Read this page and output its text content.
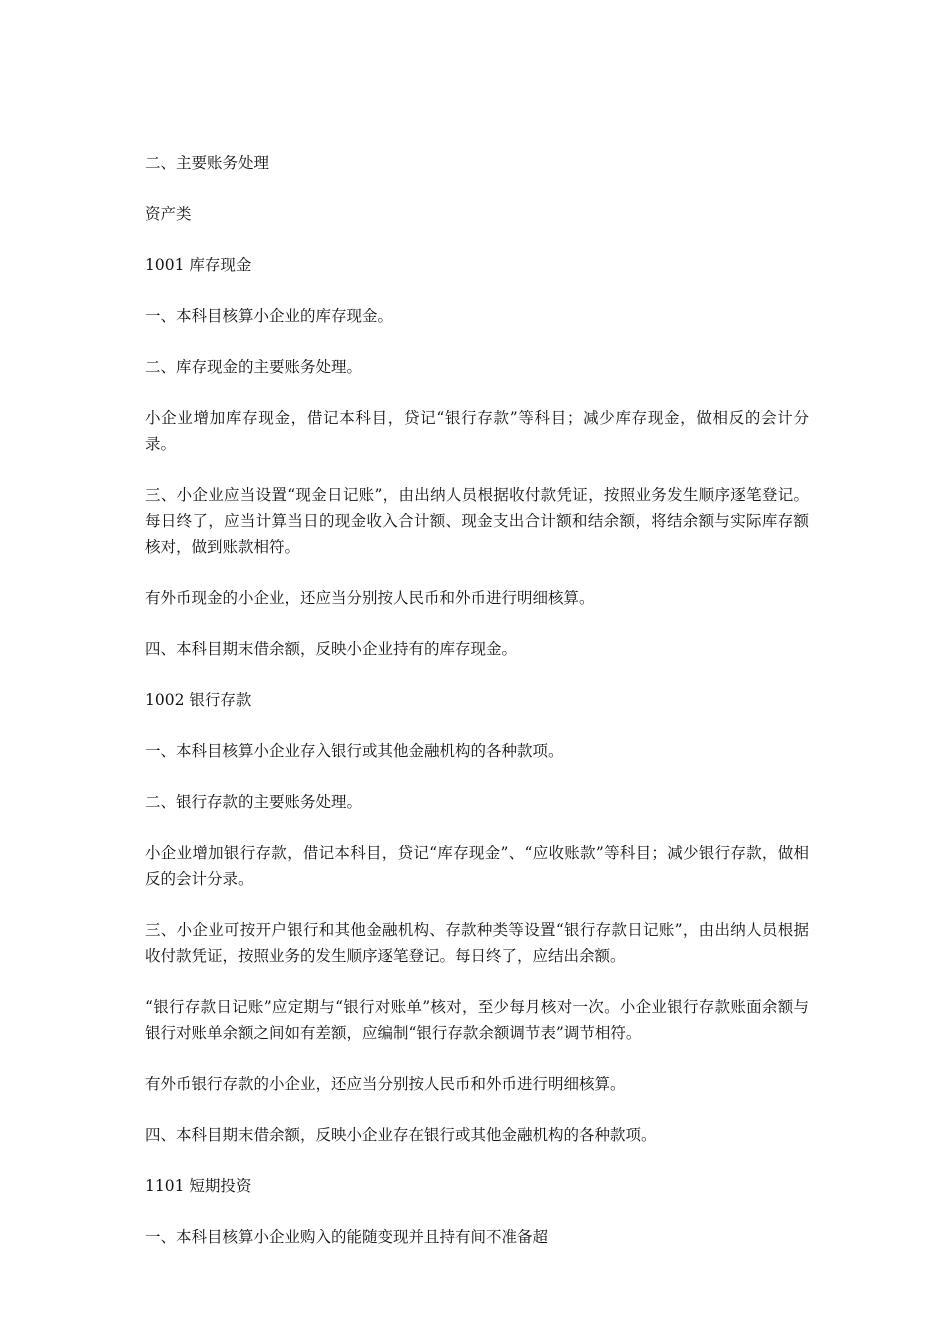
二、主要账务处理

资产类

1001 库存现金

一、本科目核算小企业的库存现金。

二、库存现金的主要账务处理。

小企业增加库存现金，借记本科目，贷记“银行存款”等科目；减少库存现金，做相反的会计分录。

三、小企业应当设置“现金日记账”，由出纳人员根据收付款凭证，按照业务发生顺序逐笔登记。每日终了，应当计算当日的现金收入合计额、现金支出合计额和结余额，将结余额与实际库存额核对，做到账款相符。

有外币现金的小企业，还应当分别按人民币和外币进行明细核算。

四、本科目期末借余额，反映小企业持有的库存现金。

1002 银行存款

一、本科目核算小企业存入银行或其他金融机构的各种款项。

二、银行存款的主要账务处理。

小企业增加银行存款，借记本科目，贷记“库存现金”、“应收账款”等科目；减少银行存款，做相反的会计分录。

三、小企业可按开户银行和其他金融机构、存款种类等设置“银行存款日记账”，由出纳人员根据收付款凭证，按照业务的发生顺序逐笔登记。每日终了，应结出余额。

“银行存款日记账”应定期与“银行对账单”核对，至少每月核对一次。小企业银行存款账面余额与银行对账单余额之间如有差额，应编制“银行存款余额调节表”调节相符。

有外币银行存款的小企业，还应当分别按人民币和外币进行明细核算。

四、本科目期末借余额，反映小企业存在银行或其他金融机构的各种款项。

1101 短期投资

一、本科目核算小企业购入的能随变现并且持有间不准备超
